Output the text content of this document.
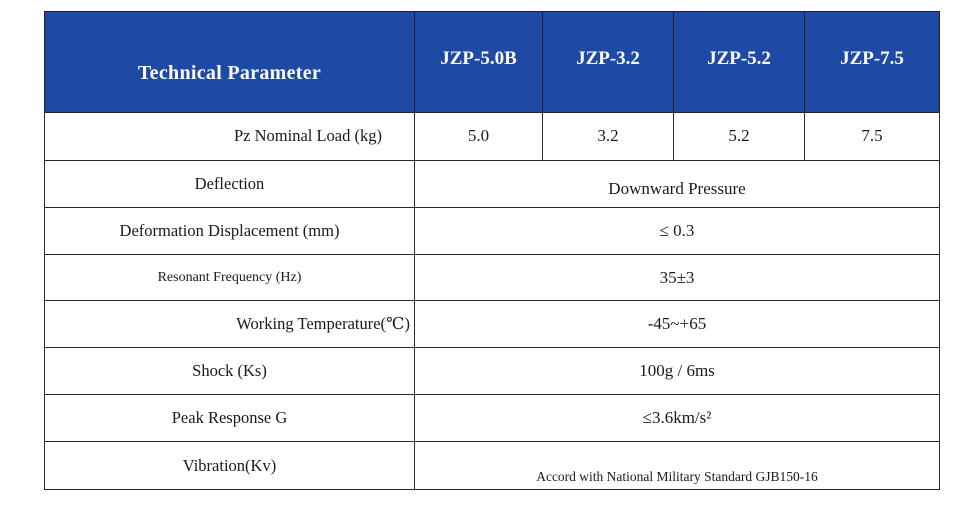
Technical Parameter	JZP-5.0B	JZP-3.2	JZP-5.2	JZP-7.5
Pz Nominal Load (kg)	5.0	3.2	5.2	7.5
Deflection	Downward Pressure			
Deformation Displacement (mm)	≤ 0.3			
Resonant Frequency (Hz)	35±3			
Working Temperature(℃)	-45~+65			
Shock (Ks)	100g / 6ms			
Peak Response G	≤3.6km/s²			
Vibration(Kv)	Accord with National Military Standard GJB150-16			
